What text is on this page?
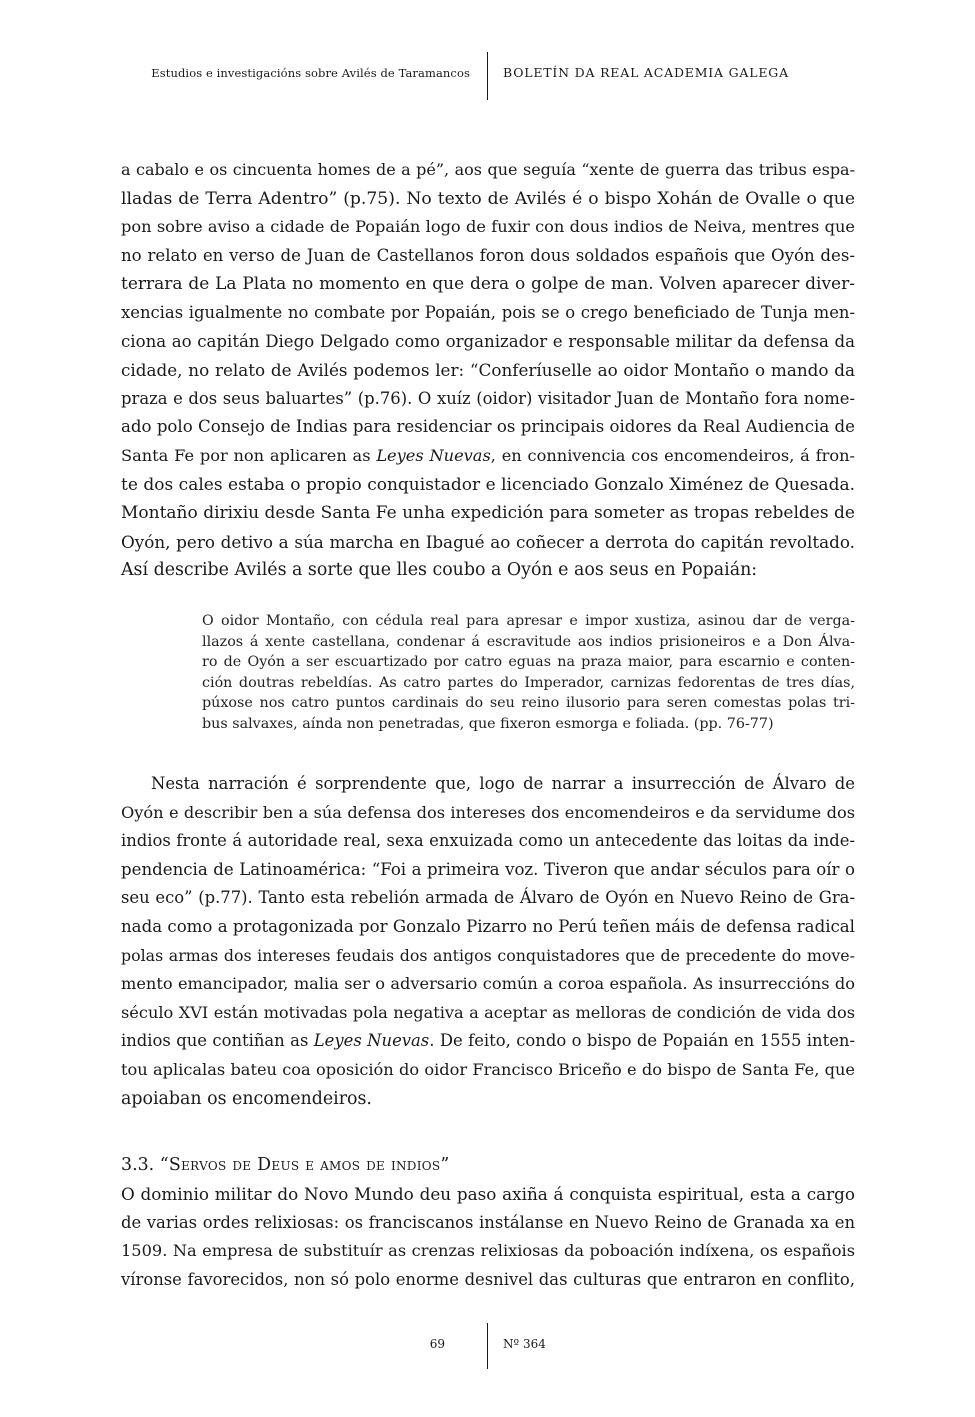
Estudios e investigacións sobre Avilés de Taramancos	BOLETÍN DA REAL ACADEMIA GALEGA
a cabalo e os cincuenta homes de a pé”, aos que seguía “xente de guerra das tribus espa-
lladas de Terra Adentro” (p.75). No texto de Avilés é o bispo Xohán de Ovalle o que
pon sobre aviso a cidade de Popaián logo de fuxir con dous indios de Neiva, mentres que
no relato en verso de Juan de Castellanos foron dous soldados españois que Oyón des-
terrara de La Plata no momento en que dera o golpe de man. Volven aparecer diver-
xencias igualmente no combate por Popaián, pois se o crego beneficiado de Tunja men-
ciona ao capitán Diego Delgado como organizador e responsable militar da defensa da
cidade, no relato de Avilés podemos ler: “Conferíuselle ao oidor Montaño o mando da
praza e dos seus baluartes” (p.76). O xuíz (oidor) visitador Juan de Montaño fora nome-
ado polo Consejo de Indias para residenciar os principais oidores da Real Audiencia de
Santa Fe por non aplicaren as Leyes Nuevas, en connivencia cos encomendeiros, á fron-
te dos cales estaba o propio conquistador e licenciado Gonzalo Ximénez de Quesada.
Montaño dirixiu desde Santa Fe unha expedición para someter as tropas rebeldes de
Oyón, pero detivo a súa marcha en Ibagué ao coñecer a derrota do capitán revoltado.
Así describe Avilés a sorte que lles coubo a Oyón e aos seus en Popaián:
O oidor Montaño, con cédula real para apresar e impor xustiza, asinou dar de verga-
llazos á xente castellana, condenar á escravitude aos indios prisioneiros e a Don Álva-
ro de Oyón a ser escuartizado por catro eguas na praza maior, para escarnio e conten-
ción doutras rebeldías. As catro partes do Imperador, carnizas fedorentas de tres días,
púxose nos catro puntos cardinais do seu reino ilusorio para seren comestas polas tri-
bus salvaxes, aínda non penetradas, que fixeron esmorga e foliada. (pp. 76-77)
Nesta narración é sorprendente que, logo de narrar a insurrección de Álvaro de
Oyón e describir ben a súa defensa dos intereses dos encomendeiros e da servidume dos
indios fronte á autoridade real, sexa enxuizada como un antecedente das loitas da inde-
pendencia de Latinoamérica: “Foi a primeira voz. Tiveron que andar séculos para oír o
seu eco” (p.77). Tanto esta rebelión armada de Álvaro de Oyón en Nuevo Reino de Gra-
nada como a protagonizada por Gonzalo Pizarro no Perú teñen máis de defensa radical
polas armas dos intereses feudais dos antigos conquistadores que de precedente do move-
mento emancipador, malia ser o adversario común a coroa española. As insurreccións do
século XVI están motivadas pola negativa a aceptar as melloras de condición de vida dos
indios que contiñan as Leyes Nuevas. De feito, condo o bispo de Popaián en 1555 inten-
tou aplicalas bateu coa oposición do oidor Francisco Briceño e do bispo de Santa Fe, que
apoiaban os encomendeiros.
3.3. “Servos de Deus e amos de indios”
O dominio militar do Novo Mundo deu paso axiña á conquista espiritual, esta a cargo
de varias ordes relixiosas: os franciscanos instálanse en Nuevo Reino de Granada xa en
1509. Na empresa de substituír as crenzas relixiosas da poboación indíxena, os españois
víronse favorecidos, non só polo enorme desnivel das culturas que entraron en conflito,
69	Nº 364
